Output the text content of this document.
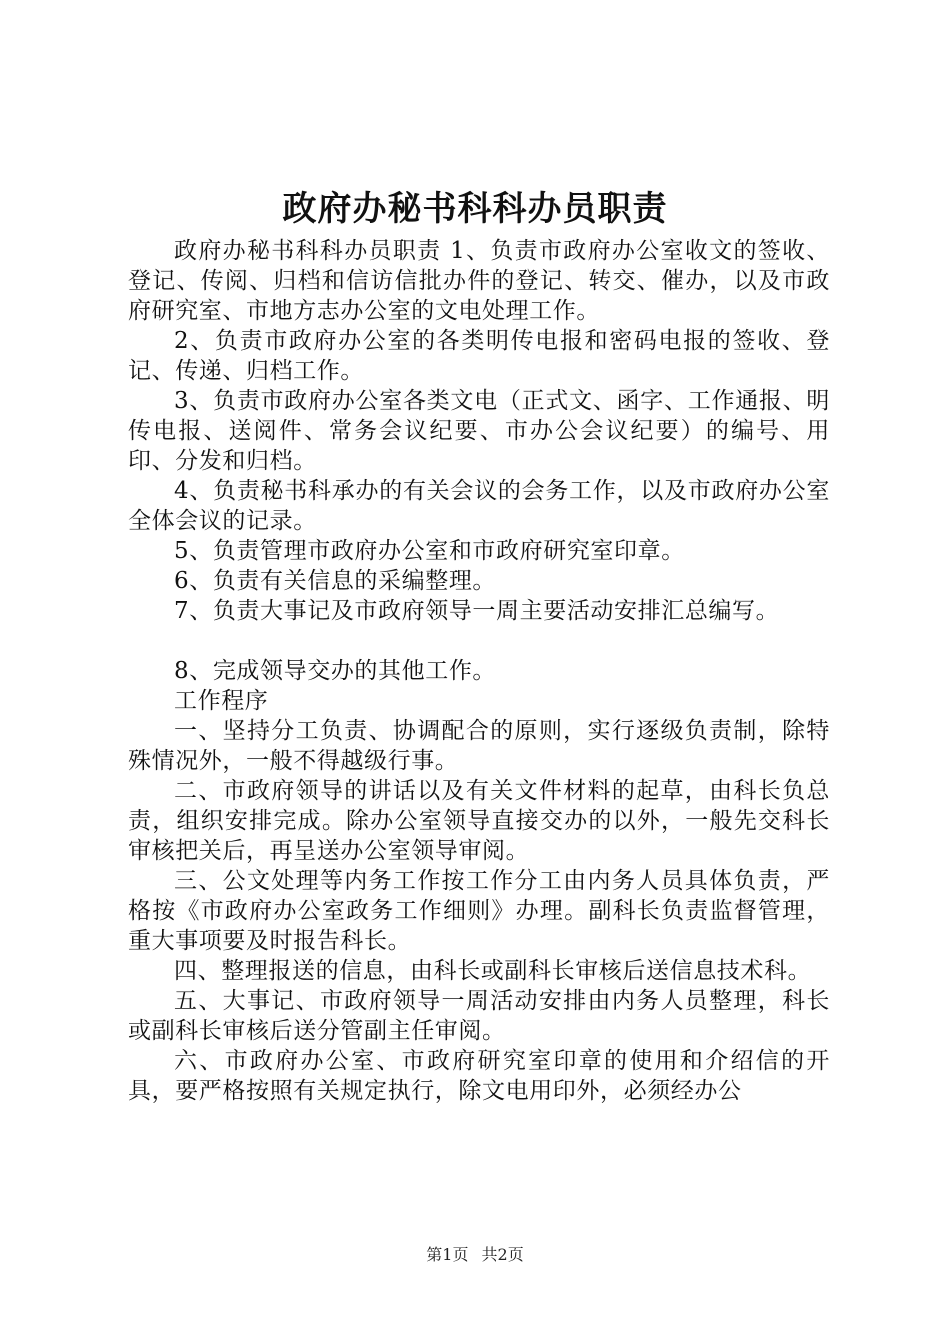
政府办秘书科科办员职责

政府办秘书科科办员职责 1、负责市政府办公室收文的签收、登记、传阅、归档和信访信批办件的登记、转交、催办，以及市政府研究室、市地方志办公室的文电处理工作。

2、负责市政府办公室的各类明传电报和密码电报的签收、登记、传递、归档工作。

3、负责市政府办公室各类文电（正式文、函字、工作通报、明传电报、送阅件、常务会议纪要、市办公会议纪要）的编号、用印、分发和归档。

4、负责秘书科承办的有关会议的会务工作，以及市政府办公室全体会议的记录。

5、负责管理市政府办公室和市政府研究室印章。

6、负责有关信息的采编整理。

7、负责大事记及市政府领导一周主要活动安排汇总编写。

8、完成领导交办的其他工作。

工作程序

一、坚持分工负责、协调配合的原则，实行逐级负责制，除特殊情况外，一般不得越级行事。

二、市政府领导的讲话以及有关文件材料的起草，由科长负总责，组织安排完成。除办公室领导直接交办的以外，一般先交科长审核把关后，再呈送办公室领导审阅。

三、公文处理等内务工作按工作分工由内务人员具体负责，严格按《市政府办公室政务工作细则》办理。副科长负责监督管理，重大事项要及时报告科长。

四、整理报送的信息，由科长或副科长审核后送信息技术科。

五、大事记、市政府领导一周活动安排由内务人员整理，科长或副科长审核后送分管副主任审阅。

六、市政府办公室、市政府研究室印章的使用和介绍信的开具，要严格按照有关规定执行，除文电用印外，必须经办公

第1页 共2页
